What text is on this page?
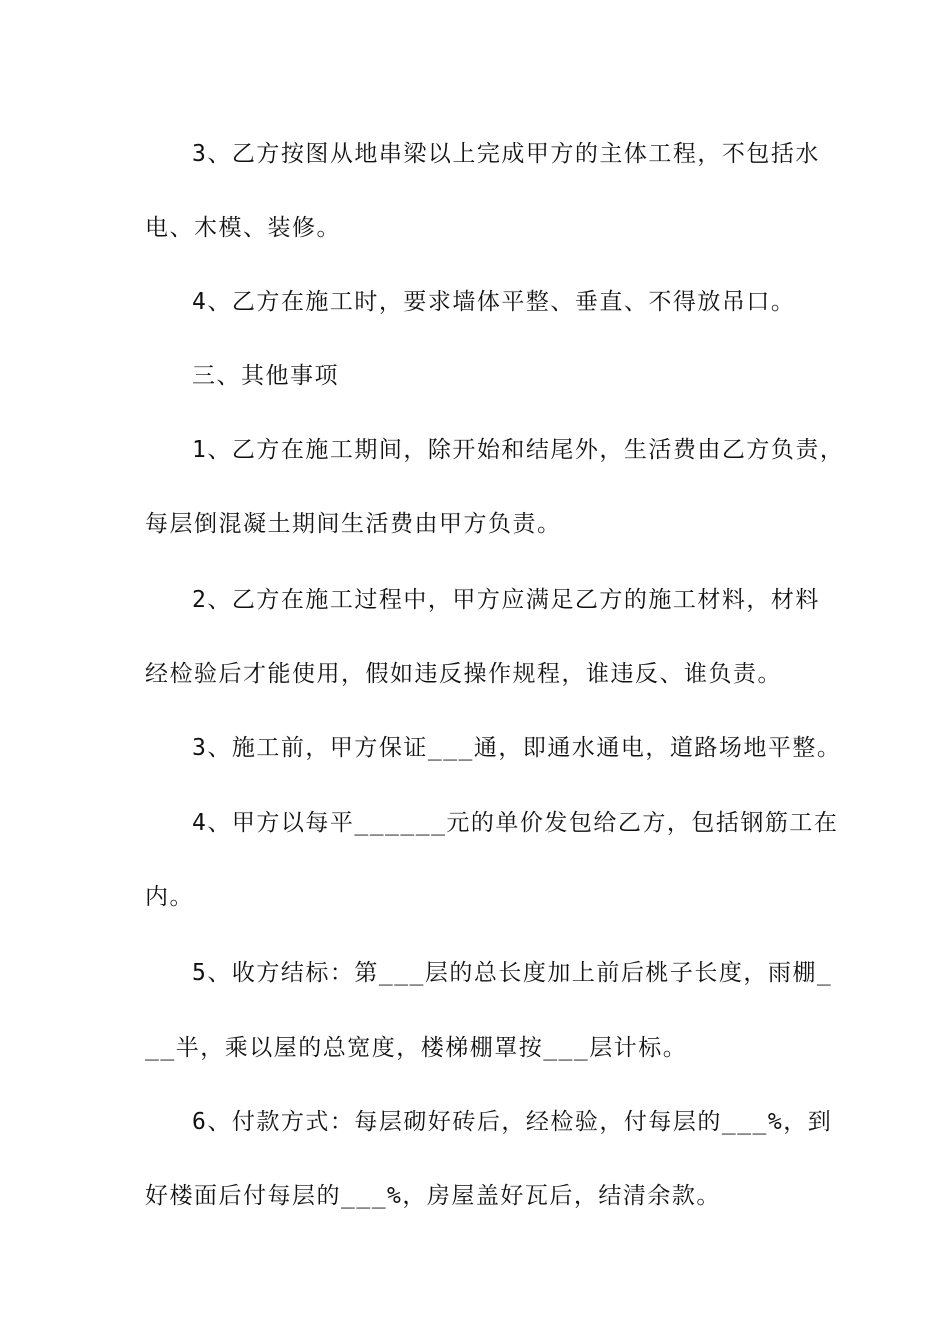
3、乙方按图从地串梁以上完成甲方的主体工程，不包括水
电、木模、装修。
4、乙方在施工时，要求墙体平整、垂直、不得放吊口。
三、其他事项
1、乙方在施工期间，除开始和结尾外，生活费由乙方负责，
每层倒混凝土期间生活费由甲方负责。
2、乙方在施工过程中，甲方应满足乙方的施工材料，材料
经检验后才能使用，假如违反操作规程，谁违反、谁负责。
3、施工前，甲方保证___通，即通水通电，道路场地平整。
4、甲方以每平______元的单价发包给乙方，包括钢筋工在
内。
5、收方结标：第___层的总长度加上前后桃子长度，雨棚_
__半，乘以屋的总宽度，楼梯棚罩按___层计标。
6、付款方式：每层砌好砖后，经检验，付每层的___%，到
好楼面后付每层的___%，房屋盖好瓦后，结清余款。
